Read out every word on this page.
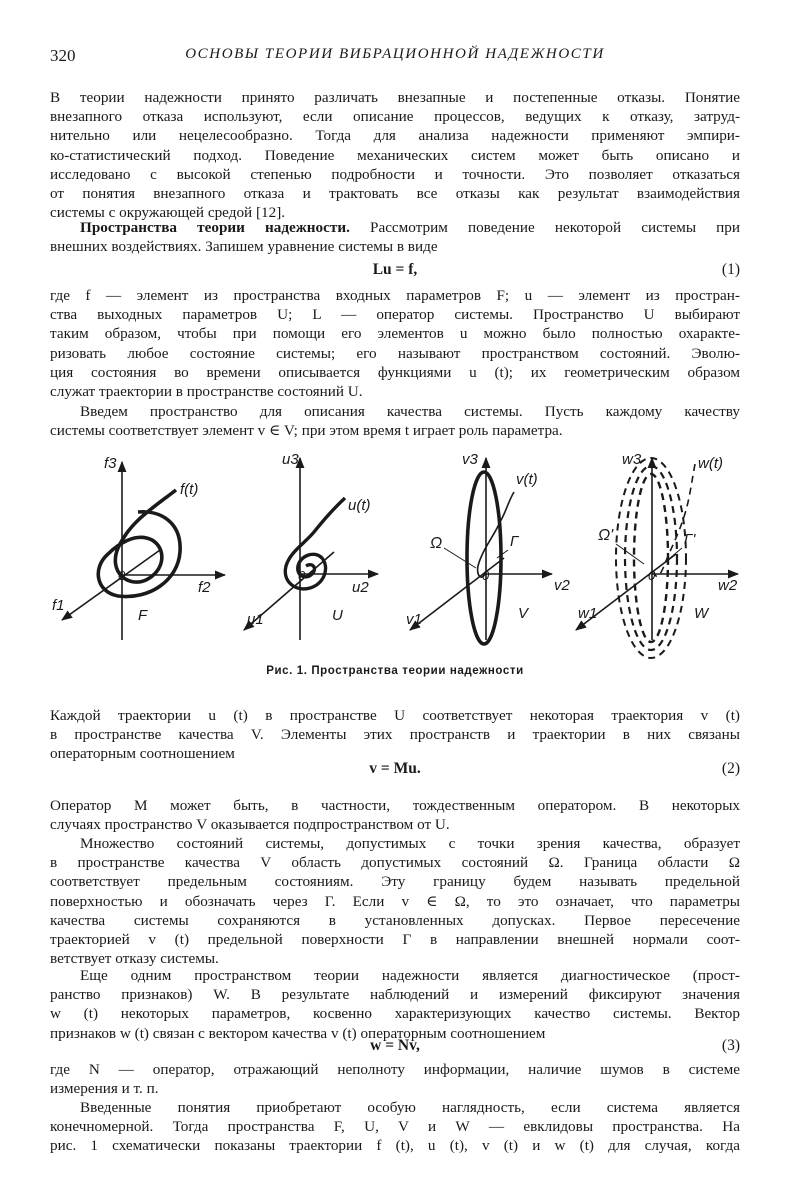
320	ОСНОВЫ ТЕОРИИ ВИБРАЦИОННОЙ НАДЕЖНОСТИ
В теории надежности принято различать внезапные и постепенные отказы. Понятие
внезапного отказа используют, если описание процессов, ведущих к отказу, затруд-
нительно или нецелесообразно. Тогда для анализа надежности применяют эмпири-
ко-статистический подход. Поведение механических систем может быть описано и
исследовано с высокой степенью подробности и точности. Это позволяет отказаться
от понятия внезапного отказа и трактовать все отказы как результат взаимодействия
системы с окружающей средой [12].
Пространства теории надежности. Рассмотрим поведение некоторой системы при
внешних воздействиях. Запишем уравнение системы в виде
Lu = f,	(1)
где f — элемент из пространства входных параметров F; u — элемент из простран-
ства выходных параметров U; L — оператор системы. Пространство U выбирают
таким образом, чтобы при помощи его элементов u можно было полностью охаракте-
ризовать любое состояние системы; его называют пространством состояний. Эволю-
ция состояния во времени описывается функциями u (t); их геометрическим образом
служат траектории в пространстве состояний U.
Введем пространство для описания качества системы. Пусть каждому качеству
системы соответствует элемент v ∈ V; при этом время t играет роль параметра.
f3
f2
f1
f(t)
0
F
u3
u2
u1
u(t)
0
U
v3
v2
v1
v(t)
0
V
Ω	Γ
w3
w2
w1
w(t)
0
W
Ω'	Γ'
Рис. 1. Пространства теории надежности
Каждой траектории u (t) в пространстве U соответствует некоторая траектория v (t)
в пространстве качества V. Элементы этих пространств и траектории в них связаны
операторным соотношением
v = Mu.	(2)
Оператор M может быть, в частности, тождественным оператором. В некоторых
случаях пространство V оказывается подпространством от U.
Множество состояний системы, допустимых с точки зрения качества, образует
в пространстве качества V область допустимых состояний Ω. Граница области Ω
соответствует предельным состояниям. Эту границу будем называть предельной
поверхностью и обозначать через Γ. Если v ∈ Ω, то это означает, что параметры
качества системы сохраняются в установленных допусках. Первое пересечение
траекторией v (t) предельной поверхности Γ в направлении внешней нормали соот-
ветствует отказу системы.
Еще одним пространством теории надежности является диагностическое (прост-
ранство признаков) W. В результате наблюдений и измерений фиксируют значения
w (t) некоторых параметров, косвенно характеризующих качество системы. Вектор
признаков w (t) связан с вектором качества v (t) операторным соотношением
w = Nv,	(3)
где N — оператор, отражающий неполноту информации, наличие шумов в системе
измерения и т. п.
Введенные понятия приобретают особую наглядность, если система является
конечномерной. Тогда пространства F, U, V и W — евклидовы пространства. На
рис. 1 схематически показаны траектории f (t), u (t), v (t) и w (t) для случая, когда
